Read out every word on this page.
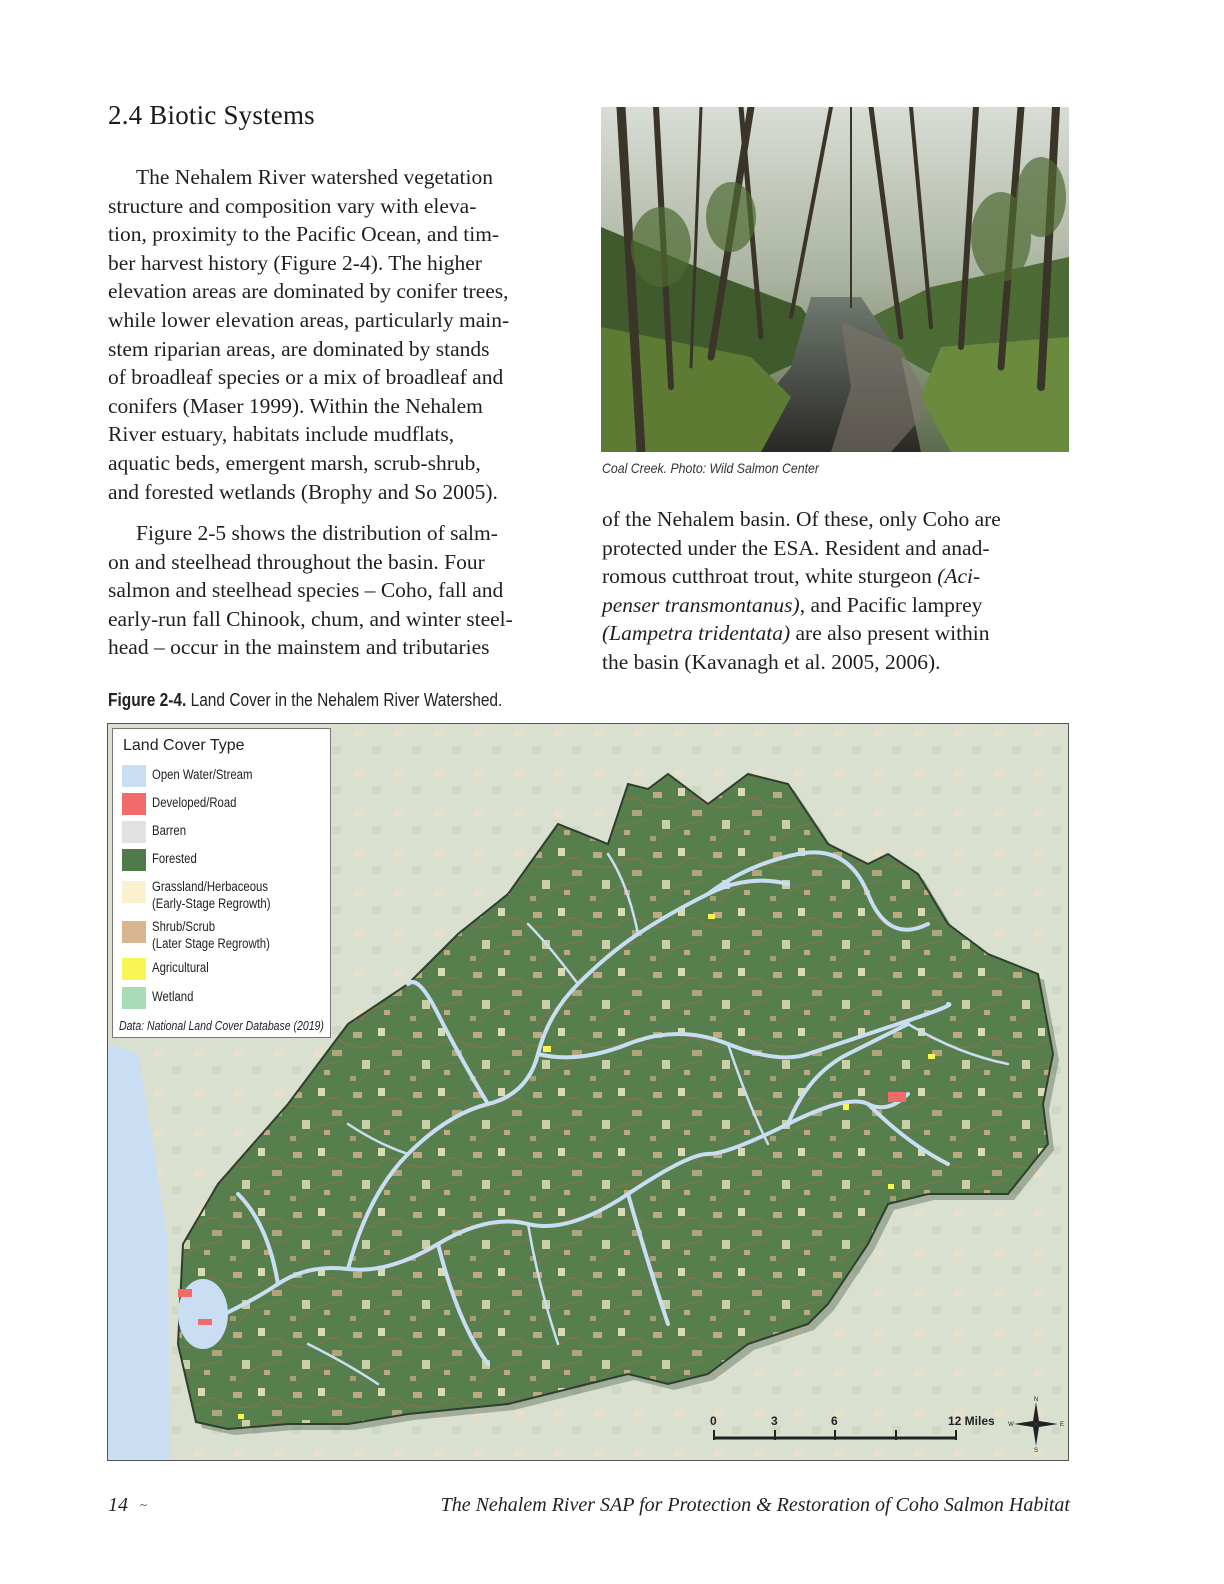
2.4 Biotic Systems
The Nehalem River watershed vegetation
structure and composition vary with eleva-
tion, proximity to the Pacific Ocean, and tim-
ber harvest history (Figure 2-4). The higher
elevation areas are dominated by conifer trees,
while lower elevation areas, particularly main-
stem riparian areas, are dominated by stands
of broadleaf species or a mix of broadleaf and
conifers (Maser 1999). Within the Nehalem
River estuary, habitats include mudflats,
aquatic beds, emergent marsh, scrub-shrub,
and forested wetlands (Brophy and So 2005).
Figure 2-5 shows the distribution of salm-
on and steelhead throughout the basin. Four
salmon and steelhead species – Coho, fall and
early-run fall Chinook, chum, and winter steel-
head – occur in the mainstem and tributaries
Coal Creek. Photo: Wild Salmon Center
of the Nehalem basin. Of these, only Coho are
protected under the ESA. Resident and anad-
romous cutthroat trout, white sturgeon (Aci-
penser transmontanus), and Pacific lamprey
(Lampetra tridentata) are also present within
the basin (Kavanagh et al. 2005, 2006).
Figure 2-4. Land Cover in the Nehalem River Watershed.
Land Cover Type
Open Water/Stream
Developed/Road
Barren
Forested
Grassland/Herbaceous
(Early-Stage Regrowth)
Shrub/Scrub
(Later Stage Regrowth)
Agricultural
Wetland
Data: National Land Cover Database (2019)
0	3	6	12 Miles
N
S
E
W
14 ~	The Nehalem River SAP for Protection & Restoration of Coho Salmon Habitat
